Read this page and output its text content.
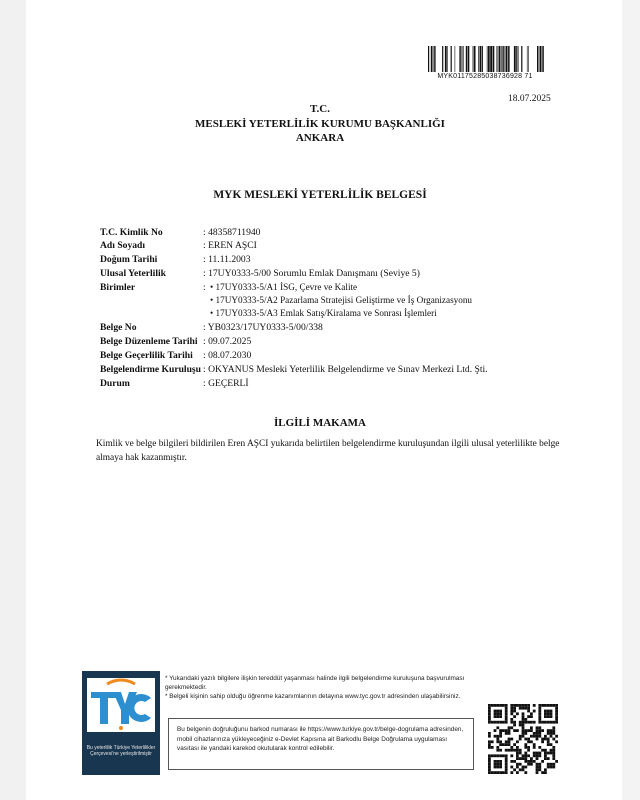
MYK01175285038736928 71
18.07.2025
T.C.
MESLEKİ YETERLİLİK KURUMU BAŞKANLIĞI
ANKARA
MYK MESLEKİ YETERLİLİK BELGESİ
T.C. Kimlik No	: 48358711940
Adı Soyadı	: EREN AŞCI
Doğum Tarihi	: 11.11.2003
Ulusal Yeterlilik	: 17UY0333-5/00 Sorumlu Emlak Danışmanı (Seviye 5)
Birimler	: • 17UY0333-5/A1 İSG, Çevre ve Kalite
• 17UY0333-5/A2 Pazarlama Stratejisi Geliştirme ve İş Organizasyonu
• 17UY0333-5/A3 Emlak Satış/Kiralama ve Sonrası İşlemleri
Belge No	: YB0323/17UY0333-5/00/338
Belge Düzenleme Tarihi : 09.07.2025
Belge Geçerlilik Tarihi : 08.07.2030
Belgelendirme Kuruluşu : OKYANUS Mesleki Yeterlilik Belgelendirme ve Sınav Merkezi Ltd. Şti.
Durum	: GEÇERLİ
İLGİLİ MAKAMA
Kimlik ve belge bilgileri bildirilen Eren AŞCI yukarıda belirtilen belgelendirme kuruluşundan ilgili ulusal yeterlilikte belge almaya hak kazanmıştır.
Bu yeterlilik Türkiye Yeterlilikler Çerçevesi'ne yerleştirilmiştir
* Yukarıdaki yazılı bilgilere ilişkin tereddüt yaşanması halinde ilgili belgelendirme kuruluşuna başvurulması gerekmektedir.
* Belgeli kişinin sahip olduğu öğrenme kazanımlarının detayına www.tyc.gov.tr adresinden ulaşabilirsiniz.
Bu belgenin doğruluğunu barkod numarası ile https://www.turkiye.gov.tr/belge-dogrulama adresinden, mobil cihazlarınıza yükleyeceğiniz e-Devlet Kapısına ait Barkodlu Belge Doğrulama uygulaması vasıtası ile yandaki karekod okutularak kontrol edilebilir.
